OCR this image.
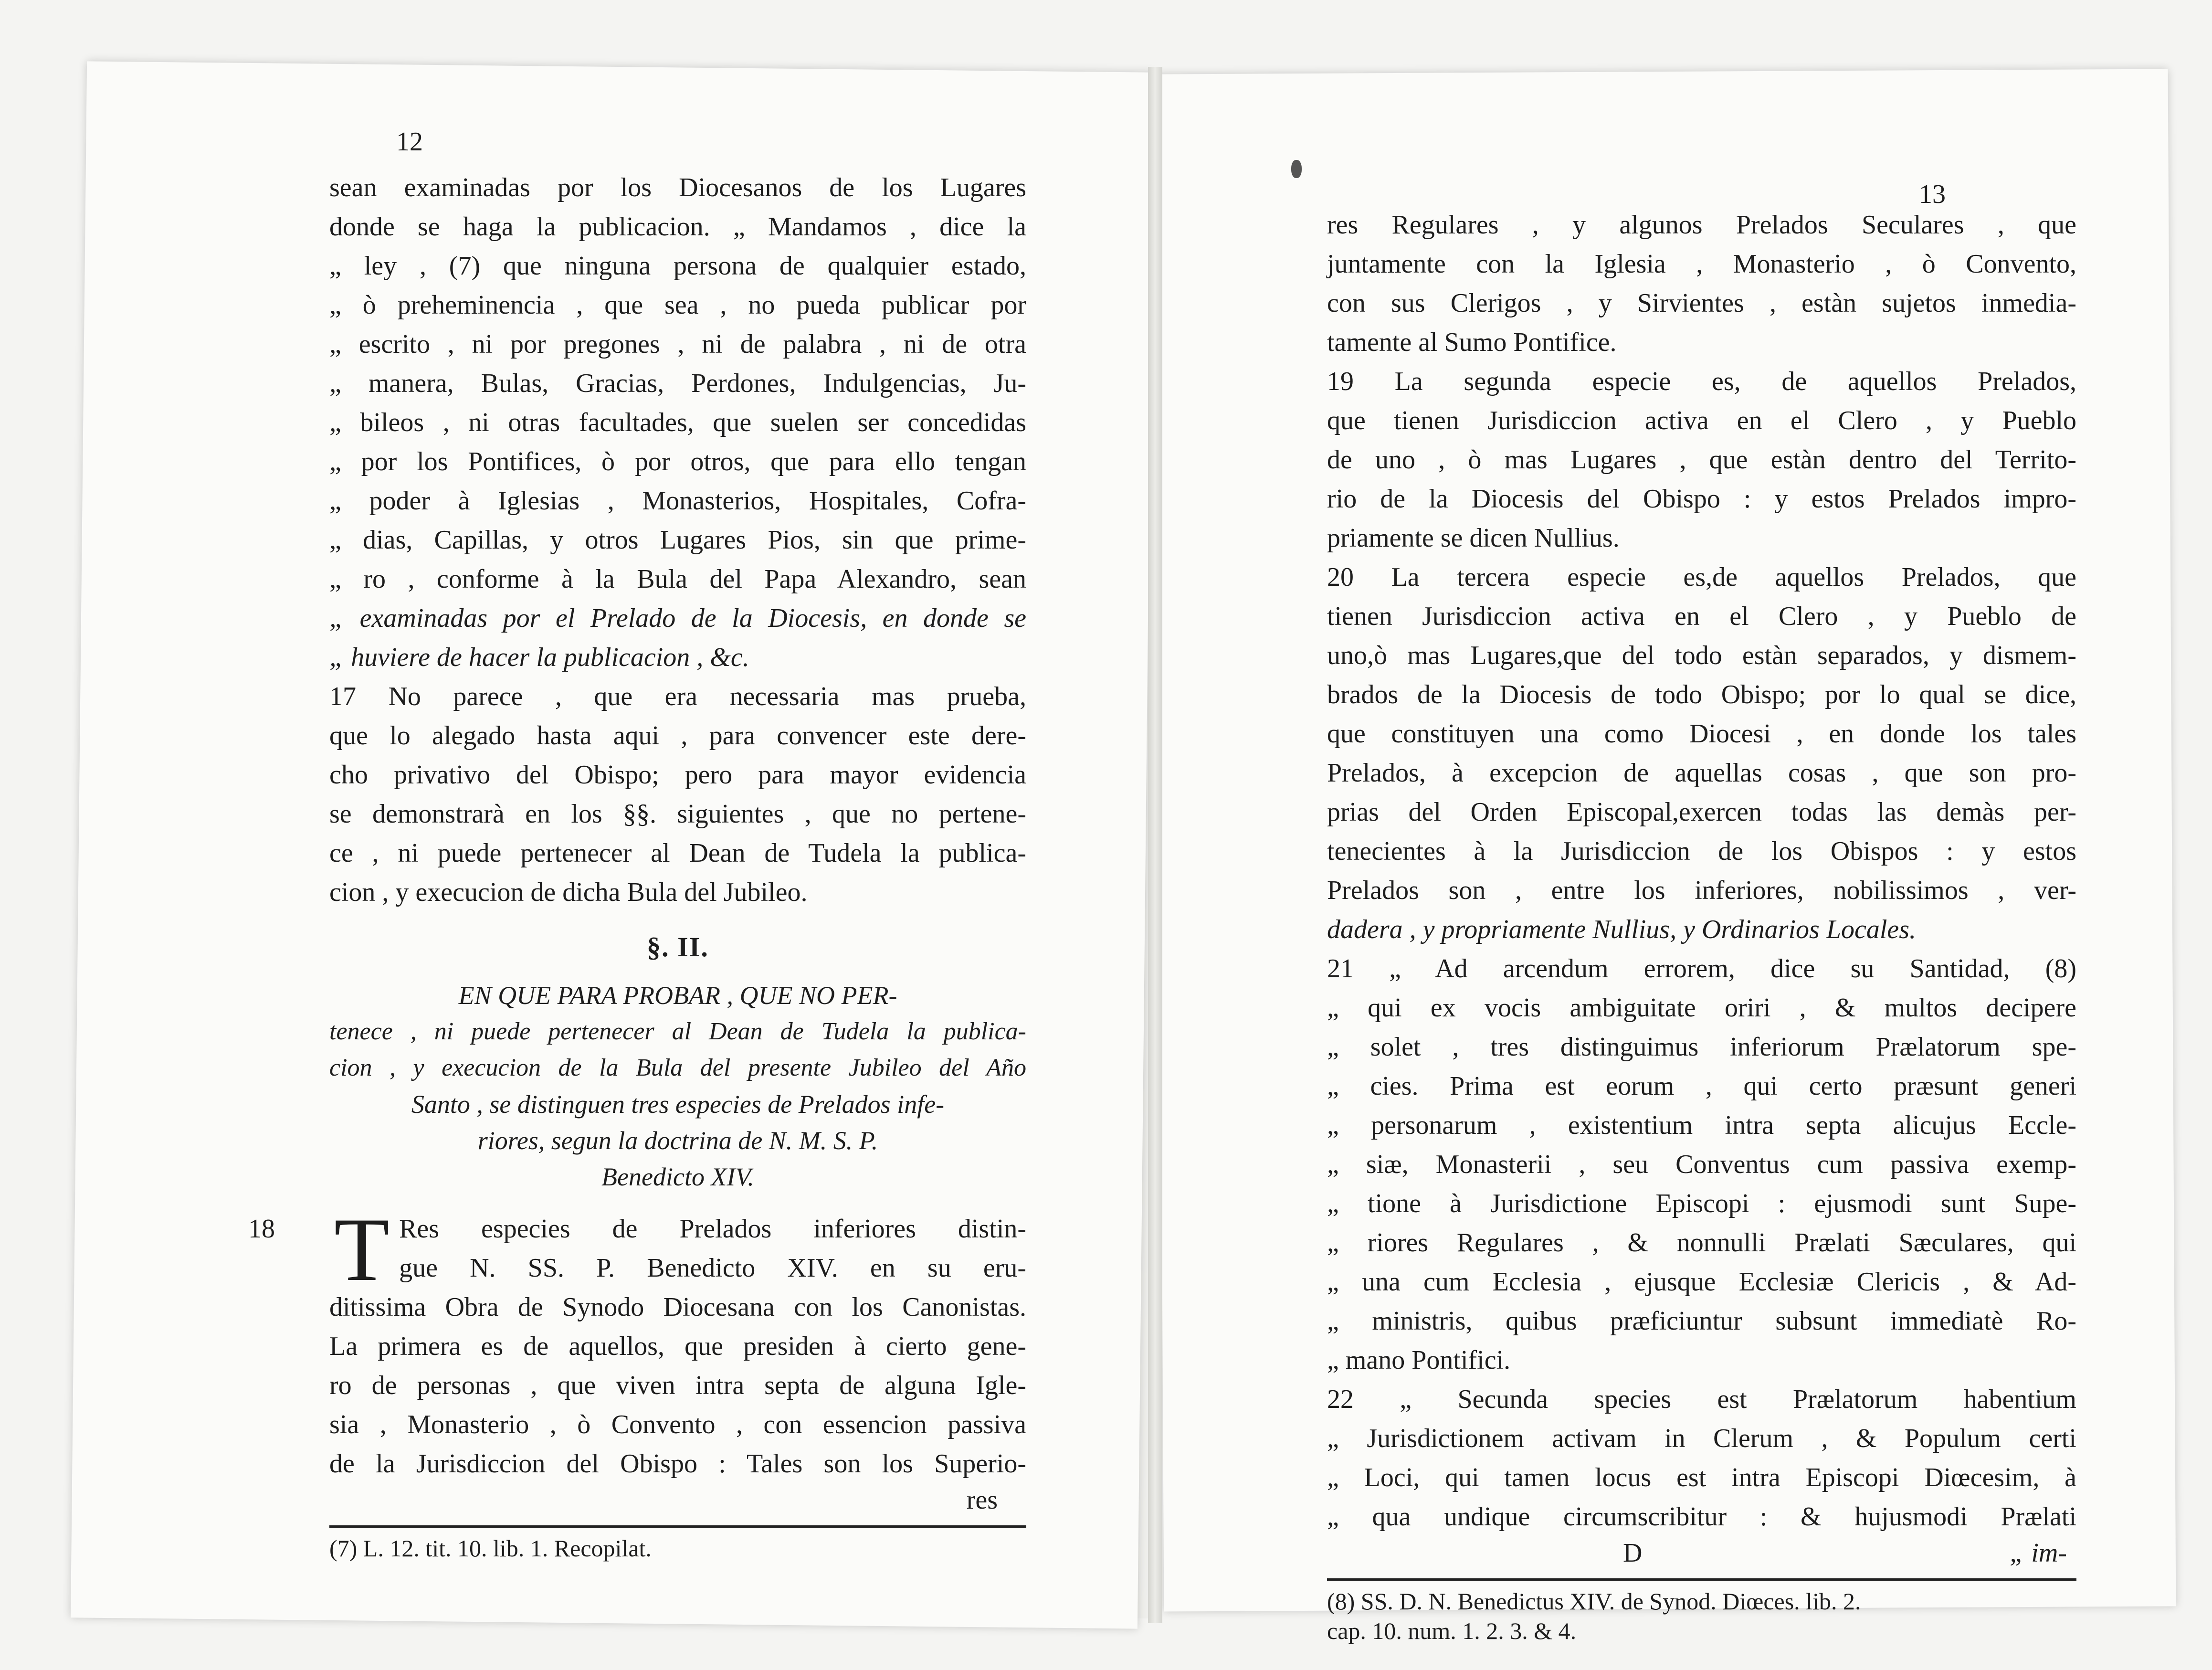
12
13
sean examinadas por los Diocesanos de los Lugares
donde se haga la publicacion. „ Mandamos , dice la
„ ley , (7) que ninguna persona de qualquier estado,
„ ò preheminencia , que sea , no pueda publicar por
„ escrito , ni por pregones , ni de palabra , ni de otra
„ manera, Bulas, Gracias, Perdones, Indulgencias, Ju-
„ bileos , ni otras facultades, que suelen ser concedidas
„ por los Pontifices, ò por otros, que para ello tengan
„ poder à Iglesias , Monasterios, Hospitales, Cofra-
„ dias, Capillas, y otros Lugares Pios, sin que prime-
„ ro , conforme à la Bula del Papa Alexandro, sean
„ examinadas por el Prelado de la Diocesis, en donde se
„ huviere de hacer la publicacion , &c.
17 No parece , que era necessaria mas prueba,
que lo alegado hasta aqui , para convencer este dere-
cho privativo del Obispo; pero para mayor evidencia
se demonstrarà en los §§. siguientes , que no pertene-
ce , ni puede pertenecer al Dean de Tudela la publica-
cion , y execucion de dicha Bula del Jubileo.
§. II.
EN QUE PARA PROBAR , QUE NO PER-
tenece , ni puede pertenecer al Dean de Tudela la publica-
cion , y execucion de la Bula del presente Jubileo del Año
Santo , se distinguen tres especies de Prelados infe-
riores, segun la doctrina de N. M. S. P.
Benedicto XIV.
18 T Res especies de Prelados inferiores distin-
gue N. SS. P. Benedicto XIV. en su eru-
ditissima Obra de Synodo Diocesana con los Canonistas.
La primera es de aquellos, que presiden à cierto gene-
ro de personas , que viven intra septa de alguna Igle-
sia , Monasterio , ò Convento , con essencion passiva
de la Jurisdiccion del Obispo : Tales son los Superio-
res
(7) L. 12. tit. 10. lib. 1. Recopilat.
res Regulares , y algunos Prelados Seculares , que
juntamente con la Iglesia , Monasterio , ò Convento,
con sus Clerigos , y Sirvientes , estàn sujetos inmedia-
tamente al Sumo Pontifice.
19 La segunda especie es, de aquellos Prelados,
que tienen Jurisdiccion activa en el Clero , y Pueblo
de uno , ò mas Lugares , que estàn dentro del Territo-
rio de la Diocesis del Obispo : y estos Prelados impro-
priamente se dicen Nullius.
20 La tercera especie es,de aquellos Prelados, que
tienen Jurisdiccion activa en el Clero , y Pueblo de
uno,ò mas Lugares,que del todo estàn separados, y dismem-
brados de la Diocesis de todo Obispo; por lo qual se dice,
que constituyen una como Diocesi , en donde los tales
Prelados, à excepcion de aquellas cosas , que son pro-
prias del Orden Episcopal,exercen todas las demàs per-
tenecientes à la Jurisdiccion de los Obispos : y estos
Prelados son , entre los inferiores, nobilissimos , ver-
dadera , y propriamente Nullius, y Ordinarios Locales.
21 „ Ad arcendum errorem, dice su Santidad, (8)
„ qui ex vocis ambiguitate oriri , & multos decipere
„ solet , tres distinguimus inferiorum Prælatorum spe-
„ cies. Prima est eorum , qui certo præsunt generi
„ personarum , existentium intra septa alicujus Eccle-
„ siæ, Monasterii , seu Conventus cum passiva exemp-
„ tione à Jurisdictione Episcopi : ejusmodi sunt Supe-
„ riores Regulares , & nonnulli Prælati Sæculares, qui
„ una cum Ecclesia , ejusque Ecclesiæ Clericis , & Ad-
„ ministris, quibus præficiuntur subsunt immediatè Ro-
„ mano Pontifici.
22 „ Secunda species est Prælatorum habentium
„ Jurisdictionem activam in Clerum , & Populum certi
„ Loci, qui tamen locus est intra Episcopi Diœcesim, à
„ qua undique circumscribitur : & hujusmodi Prælati
D	„ im-
(8) SS. D. N. Benedictus XIV. de Synod. Diœces. lib. 2.
cap. 10. num. 1. 2. 3. & 4.
